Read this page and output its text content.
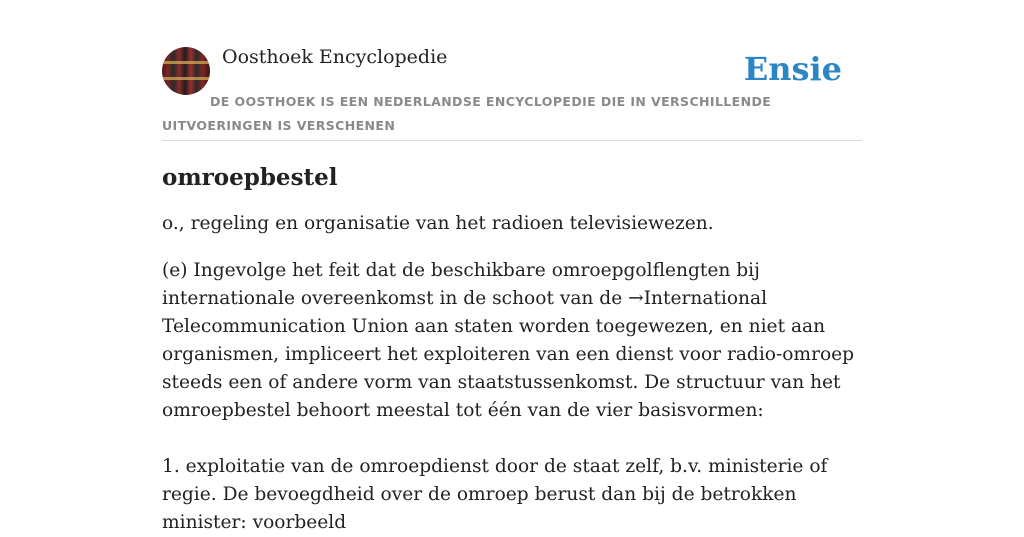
Oosthoek Encyclopedie	Ensie
DE OOSTHOEK IS EEN NEDERLANDSE ENCYCLOPEDIE DIE IN VERSCHILLENDE UITVOERINGEN IS VERSCHENEN
omroepbestel

o., regeling en organisatie van het radioen televisiewezen.

(e) Ingevolge het feit dat de beschikbare omroepgolflengten bij internationale overeenkomst in de schoot van de →International Telecommunication Union aan staten worden toegewezen, en niet aan organismen, impliceert het exploiteren van een dienst voor radio-omroep steeds een of andere vorm van staatstussenkomst. De structuur van het omroepbestel behoort meestal tot één van de vier basisvormen:

1. exploitatie van de omroepdienst door de staat zelf, b.v. ministerie of regie. De bevoegdheid over de omroep berust dan bij de betrokken minister: voorbeeld
